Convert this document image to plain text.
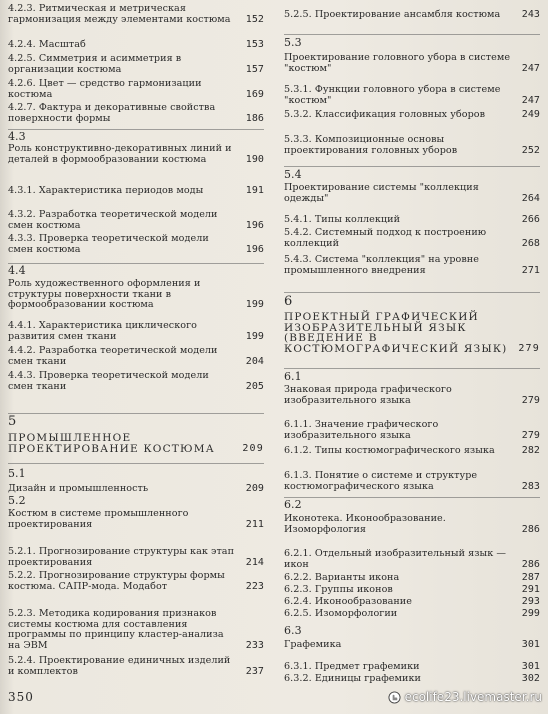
4.2.3. Ритмическая и метрическая гармонизация между элементами костюма	152
4.2.4. Масштаб	153
4.2.5. Симметрия и асимметрия в организации костюма	157
4.2.6. Цвет — средство гармонизации костюма	169
4.2.7. Фактура и декоративные свойства поверхности формы	186
4.3
Роль конструктивно-декоративных линий и деталей в формообразовании костюма	190
4.3.1. Характеристика периодов моды	191
4.3.2. Разработка теоретической модели смен костюма	196
4.3.3. Проверка теоретической модели смен костюма	196
4.4
Роль художественного оформления и структуры поверхности ткани в формообразовании костюма	199
4.4.1. Характеристика циклического развития смен ткани	199
4.4.2. Разработка теоретической модели смен ткани	204
4.4.3. Проверка теоретической модели смен ткани	205
5
ПРОМЫШЛЕННОЕ ПРОЕКТИРОВАНИЕ КОСТЮМА	209
5.1
Дизайн и промышленность	209
5.2
Костюм в системе промышленного проектирования	211
5.2.1. Прогнозирование структуры как этап проектирования	214
5.2.2. Прогнозирование структуры формы костюма. САПР-мода. Модабот	223
5.2.3. Методика кодирования признаков системы костюма для составления программы по принципу кластер-анализа на ЭВМ	233
5.2.4. Проектирование единичных изделий и комплектов	237
5.2.5. Проектирование ансамбля костюма	243
5.3
Проектирование головного убора в системе "костюм"	247
5.3.1. Функции головного убора в системе "костюм"	247
5.3.2. Классификация головных уборов	249
5.3.3. Композиционные основы проектирования головных уборов	252
5.4
Проектирование системы "коллекция одежды"	264
5.4.1. Типы коллекций	266
5.4.2. Системный подход к построению коллекций	268
5.4.3. Система "коллекция" на уровне промышленного внедрения	271
6
ПРОЕКТНЫЙ ГРАФИЧЕСКИЙ ИЗОБРАЗИТЕЛЬНЫЙ ЯЗЫК (ВВЕДЕНИЕ В КОСТЮМОГРАФИЧЕСКИЙ ЯЗЫК)	279
6.1
Знаковая природа графического изобразительного языка	279
6.1.1. Значение графического изобразительного языка	279
6.1.2. Типы костюмографического языка	282
6.1.3. Понятие о системе и структуре костюмографического языка	283
6.2
Иконотека. Иконообразование. Изоморфология	286
6.2.1. Отдельный изобразительный язык — икон	286
6.2.2. Варианты икона	287
6.2.3. Группы иконов	291
6.2.4. Иконообразование	293
6.2.5. Изоморфологии	299
6.3
Графемика	301
6.3.1. Предмет графемики	301
6.3.2. Единицы графемики	302
350	ecolife23.livemaster.ru
